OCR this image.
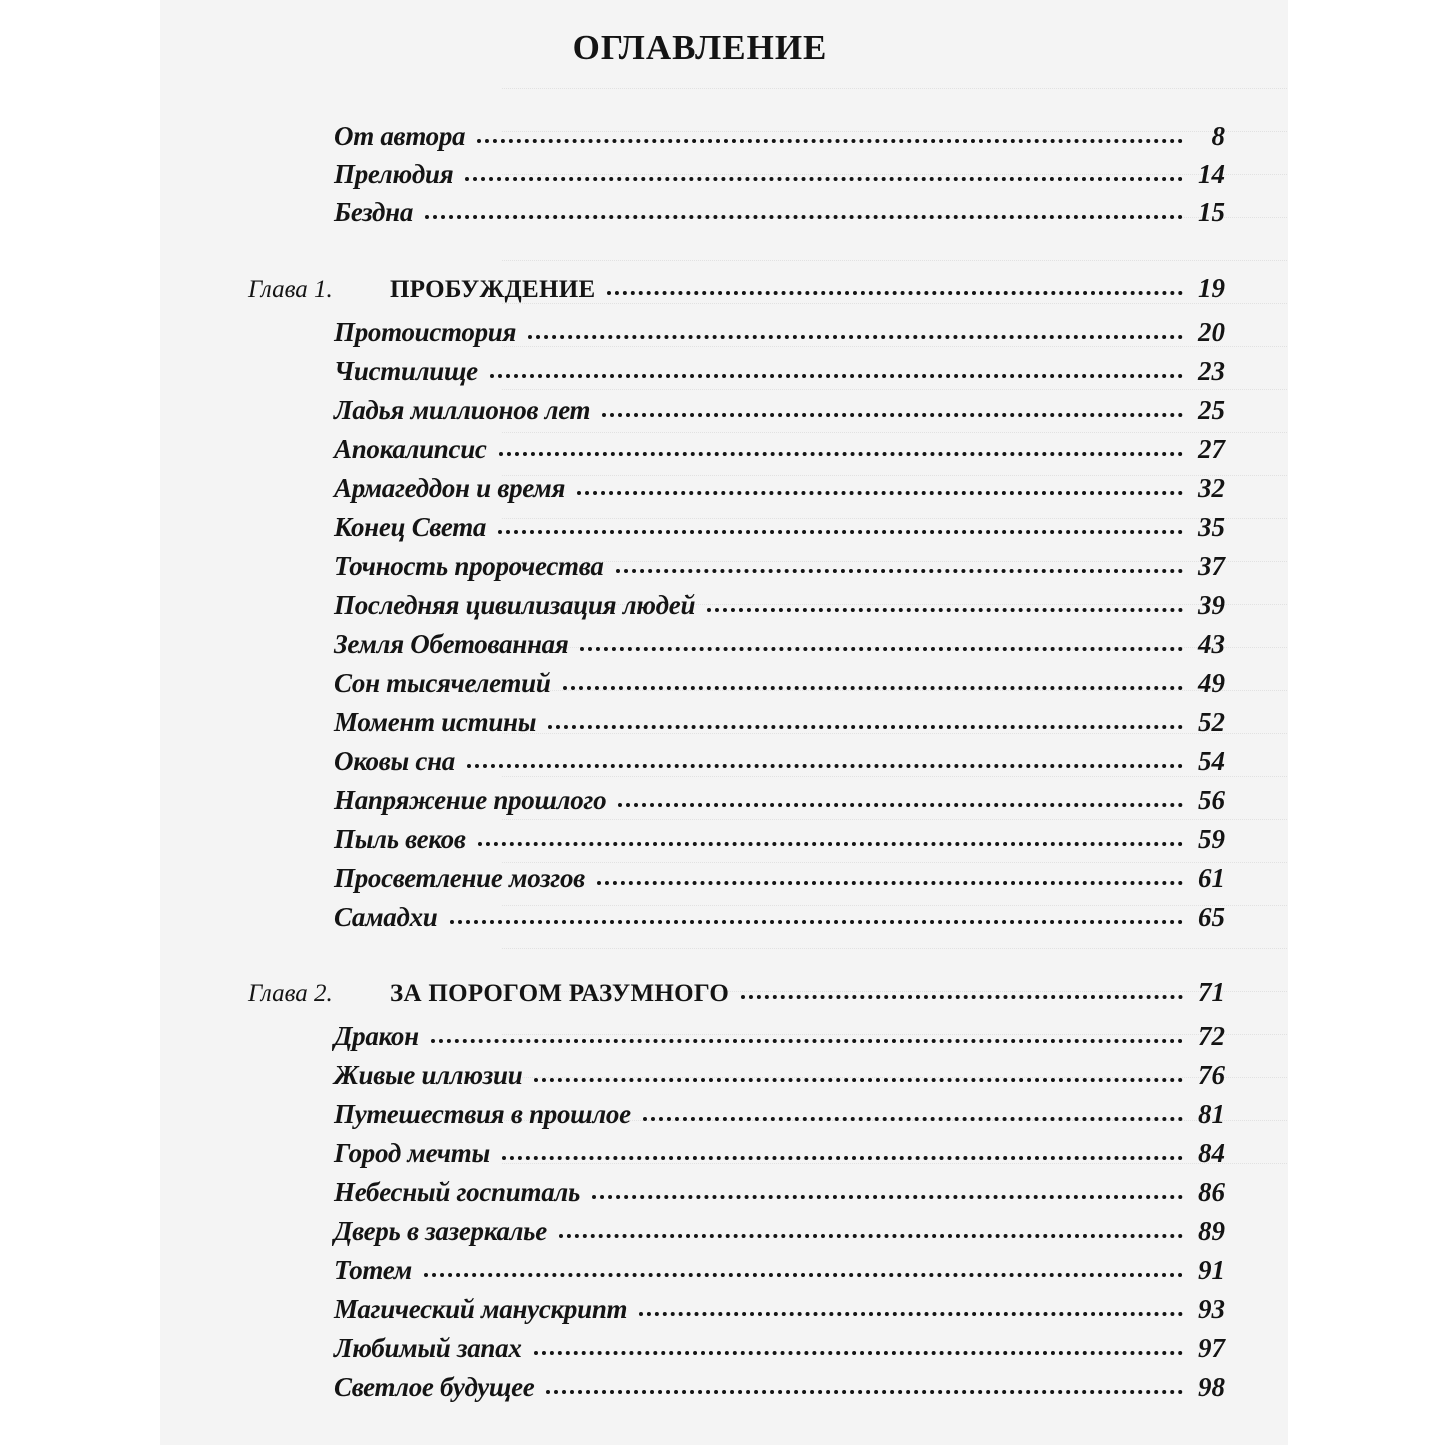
ОГЛАВЛЕНИЕ
От автора	8
Прелюдия	14
Бездна	15
Глава 1.	ПРОБУЖДЕНИЕ	19
Протоистория	20
Чистилище	23
Ладья миллионов лет	25
Апокалипсис	27
Армагеддон и время	32
Конец Света	35
Точность пророчества	37
Последняя цивилизация людей	39
Земля Обетованная	43
Сон тысячелетий	49
Момент истины	52
Оковы сна	54
Напряжение прошлого	56
Пыль веков	59
Просветление мозгов	61
Самадхи	65
Глава 2.	ЗА ПОРОГОМ РАЗУМНОГО	71
Дракон	72
Живые иллюзии	76
Путешествия в прошлое	81
Город мечты	84
Небесный госпиталь	86
Дверь в зазеркалье	89
Тотем	91
Магический манускрипт	93
Любимый запах	97
Светлое будущее	98
